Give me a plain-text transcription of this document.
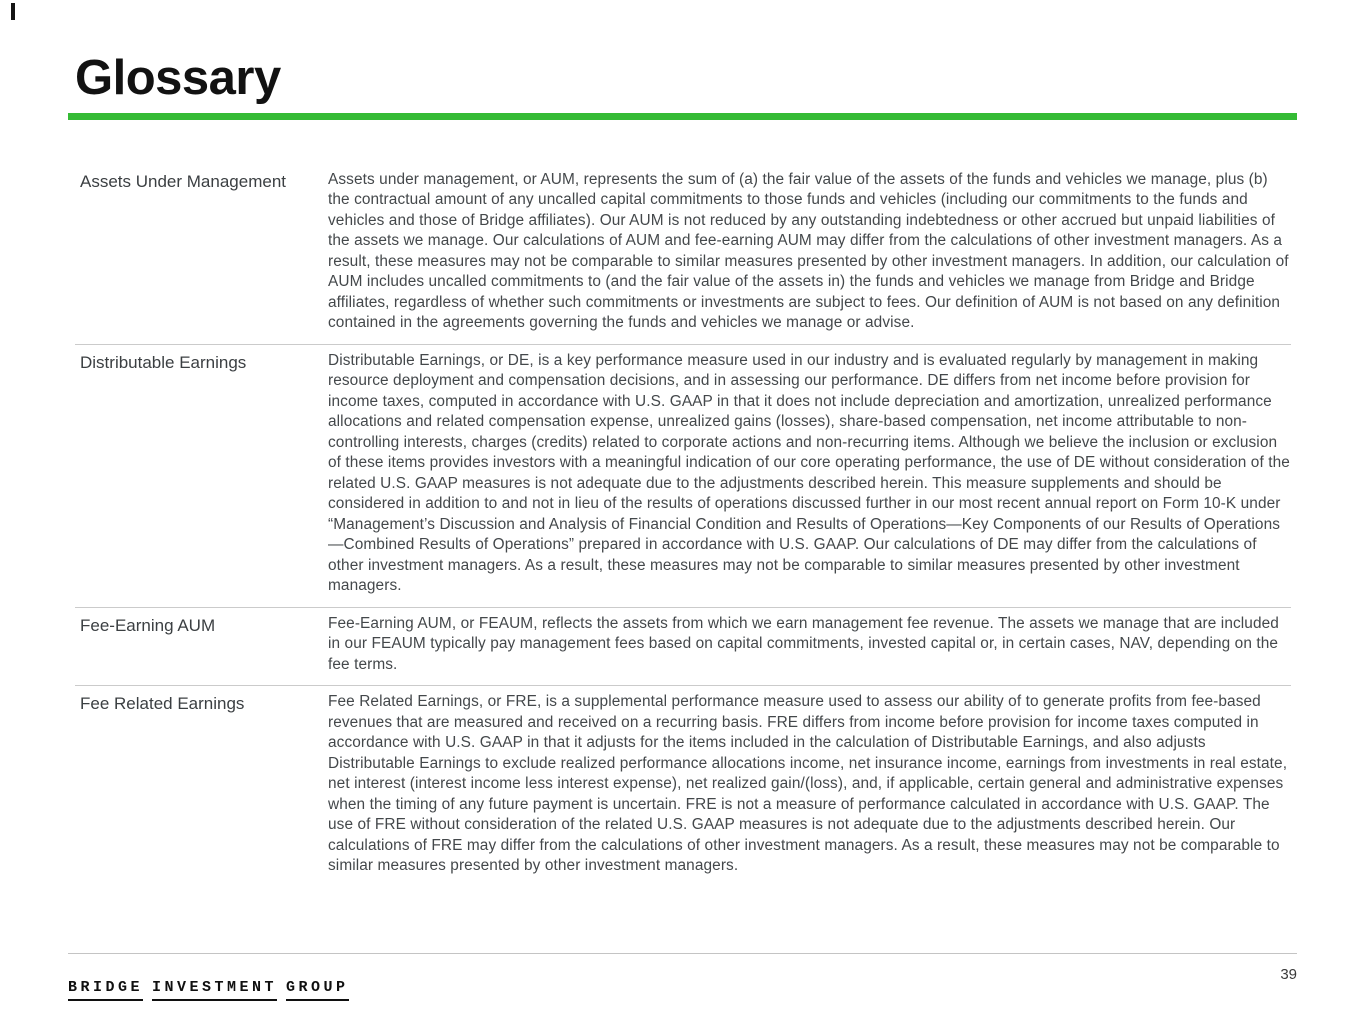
Glossary
Assets Under Management	Assets under management, or AUM, represents the sum of (a) the fair value of the assets of the funds and vehicles we manage, plus (b) the contractual amount of any uncalled capital commitments to those funds and vehicles (including our commitments to the funds and vehicles and those of Bridge affiliates). Our AUM is not reduced by any outstanding indebtedness or other accrued but unpaid liabilities of the assets we manage. Our calculations of AUM and fee-earning AUM may differ from the calculations of other investment managers. As a result, these measures may not be comparable to similar measures presented by other investment managers. In addition, our calculation of AUM includes uncalled commitments to (and the fair value of the assets in) the funds and vehicles we manage from Bridge and Bridge affiliates, regardless of whether such commitments or investments are subject to fees. Our definition of AUM is not based on any definition contained in the agreements governing the funds and vehicles we manage or advise.
Distributable Earnings	Distributable Earnings, or DE, is a key performance measure used in our industry and is evaluated regularly by management in making resource deployment and compensation decisions, and in assessing our performance. DE differs from net income before provision for income taxes, computed in accordance with U.S. GAAP in that it does not include depreciation and amortization, unrealized performance allocations and related compensation expense, unrealized gains (losses), share-based compensation, net income attributable to non-controlling interests, charges (credits) related to corporate actions and non-recurring items. Although we believe the inclusion or exclusion of these items provides investors with a meaningful indication of our core operating performance, the use of DE without consideration of the related U.S. GAAP measures is not adequate due to the adjustments described herein. This measure supplements and should be considered in addition to and not in lieu of the results of operations discussed further in our most recent annual report on Form 10-K under “Management’s Discussion and Analysis of Financial Condition and Results of Operations—Key Components of our Results of Operations—Combined Results of Operations” prepared in accordance with U.S. GAAP. Our calculations of DE may differ from the calculations of other investment managers. As a result, these measures may not be comparable to similar measures presented by other investment managers.
Fee-Earning AUM	Fee-Earning AUM, or FEAUM, reflects the assets from which we earn management fee revenue. The assets we manage that are included in our FEAUM typically pay management fees based on capital commitments, invested capital or, in certain cases, NAV, depending on the fee terms.
Fee Related Earnings	Fee Related Earnings, or FRE, is a supplemental performance measure used to assess our ability of to generate profits from fee-based revenues that are measured and received on a recurring basis. FRE differs from income before provision for income taxes computed in accordance with U.S. GAAP in that it adjusts for the items included in the calculation of Distributable Earnings, and also adjusts Distributable Earnings to exclude realized performance allocations income, net insurance income, earnings from investments in real estate, net interest (interest income less interest expense), net realized gain/(loss), and, if applicable, certain general and administrative expenses when the timing of any future payment is uncertain. FRE is not a measure of performance calculated in accordance with U.S. GAAP. The use of FRE without consideration of the related U.S. GAAP measures is not adequate due to the adjustments described herein. Our calculations of FRE may differ from the calculations of other investment managers. As a result, these measures may not be comparable to similar measures presented by other investment managers.
BRIDGE INVESTMENT GROUP
39
